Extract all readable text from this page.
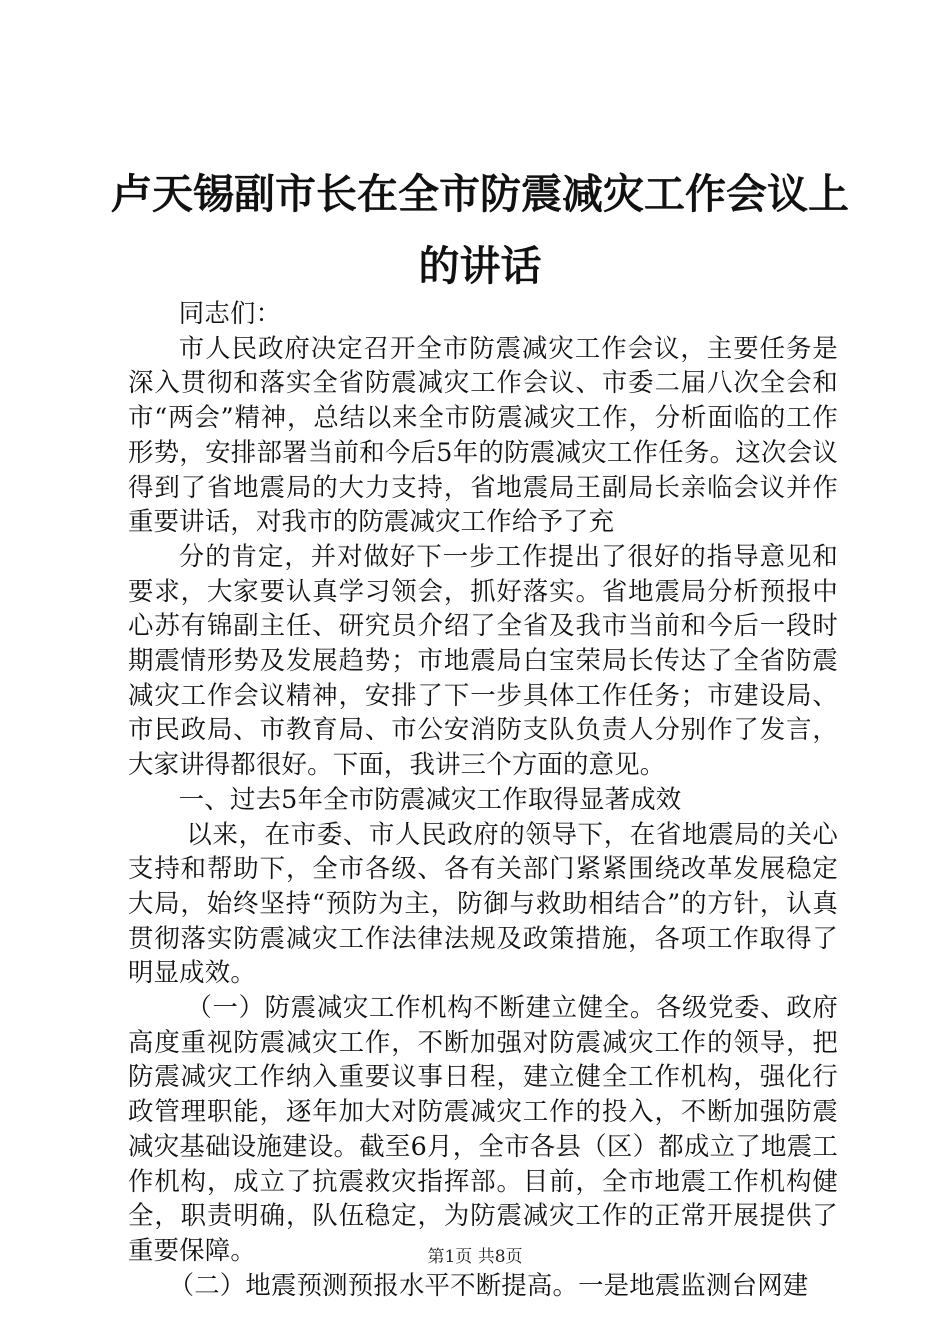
卢天锡副市长在全市防震减灾工作会议上的讲话

同志们：

市人民政府决定召开全市防震减灾工作会议，主要任务是深入贯彻和落实全省防震减灾工作会议、市委二届八次全会和市“两会”精神，总结以来全市防震减灾工作，分析面临的工作形势，安排部署当前和今后5年的防震减灾工作任务。这次会议得到了省地震局的大力支持，省地震局王副局长亲临会议并作重要讲话，对我市的防震减灾工作给予了充

分的肯定，并对做好下一步工作提出了很好的指导意见和要求，大家要认真学习领会，抓好落实。省地震局分析预报中心苏有锦副主任、研究员介绍了全省及我市当前和今后一段时期震情形势及发展趋势；市地震局白宝荣局长传达了全省防震减灾工作会议精神，安排了下一步具体工作任务；市建设局、市民政局、市教育局、市公安消防支队负责人分别作了发言，大家讲得都很好。下面，我讲三个方面的意见。

一、过去5年全市防震减灾工作取得显著成效

以来，在市委、市人民政府的领导下，在省地震局的关心支持和帮助下，全市各级、各有关部门紧紧围绕改革发展稳定大局，始终坚持“预防为主，防御与救助相结合”的方针，认真贯彻落实防震减灾工作法律法规及政策措施，各项工作取得了明显成效。

（一）防震减灾工作机构不断建立健全。各级党委、政府高度重视防震减灾工作，不断加强对防震减灾工作的领导，把防震减灾工作纳入重要议事日程，建立健全工作机构，强化行政管理职能，逐年加大对防震减灾工作的投入，不断加强防震减灾基础设施建设。截至6月，全市各县（区）都成立了地震工作机构，成立了抗震救灾指挥部。目前，全市地震工作机构健全，职责明确，队伍稳定，为防震减灾工作的正常开展提供了重要保障。

（二）地震预测预报水平不断提高。一是地震监测台网建

第1页 共8页
